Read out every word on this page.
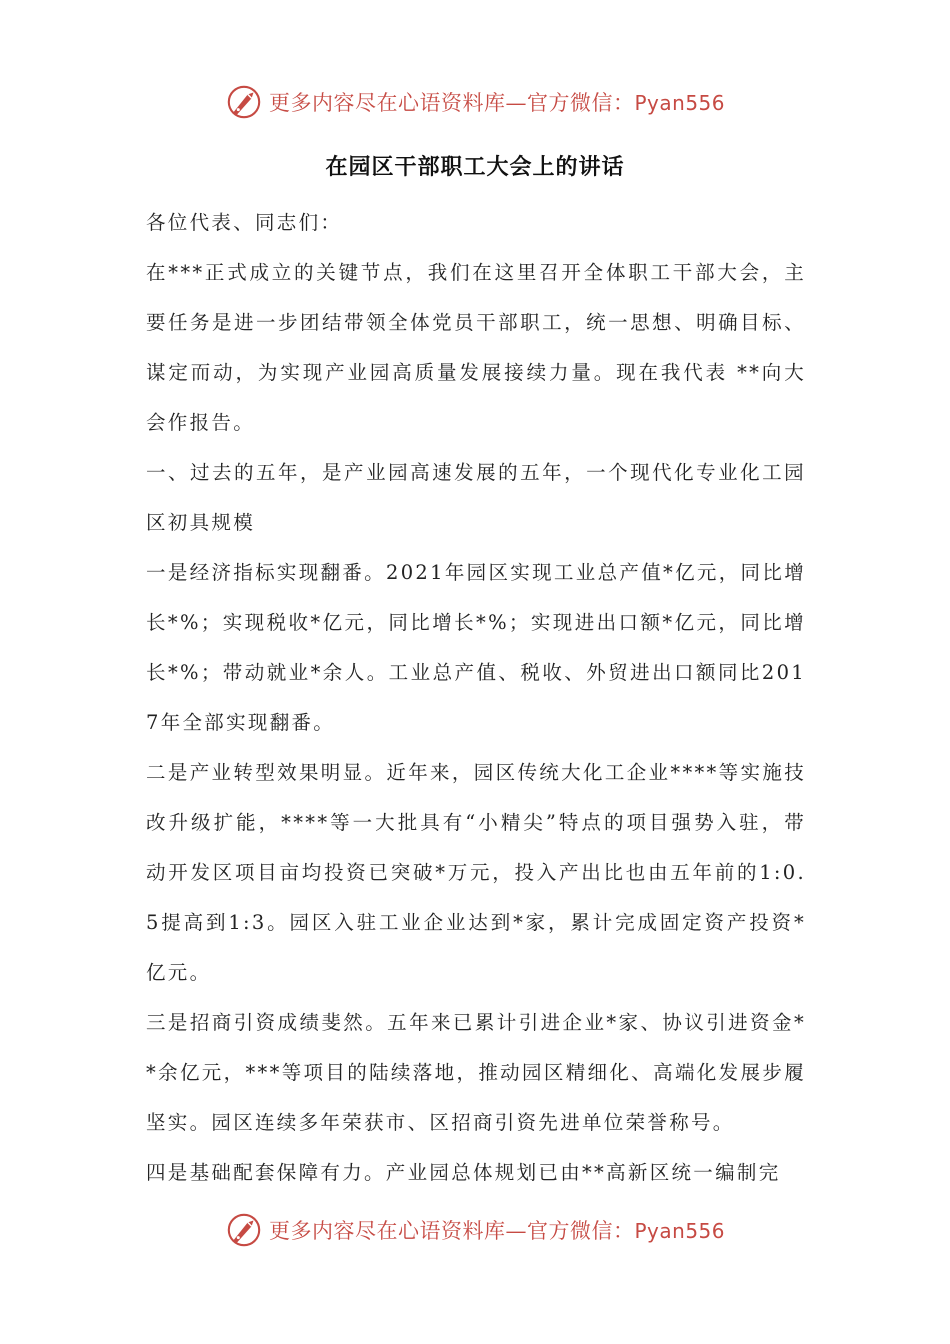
更多内容尽在心语资料库—官方微信：Pyan556
在园区干部职工大会上的讲话

各位代表、同志们：

在***正式成立的关键节点，我们在这里召开全体职工干部大会，主要任务是进一步团结带领全体党员干部职工，统一思想、明确目标、谋定而动，为实现产业园高质量发展接续力量。现在我代表 **向大会作报告。

一、过去的五年，是产业园高速发展的五年，一个现代化专业化工园区初具规模

一是经济指标实现翻番。2021年园区实现工业总产值*亿元，同比增长*%；实现税收*亿元，同比增长*%；实现进出口额*亿元，同比增长*%；带动就业*余人。工业总产值、税收、外贸进出口额同比2017年全部实现翻番。

二是产业转型效果明显。近年来，园区传统大化工企业****等实施技改升级扩能，****等一大批具有“小精尖”特点的项目强势入驻，带动开发区项目亩均投资已突破*万元，投入产出比也由五年前的1:0.5提高到1:3。园区入驻工业企业达到*家，累计完成固定资产投资*亿元。

三是招商引资成绩斐然。五年来已累计引进企业*家、协议引进资金**余亿元，***等项目的陆续落地，推动园区精细化、高端化发展步履坚实。园区连续多年荣获市、区招商引资先进单位荣誉称号。

四是基础配套保障有力。产业园总体规划已由**高新区统一编制完

更多内容尽在心语资料库—官方微信：Pyan556
